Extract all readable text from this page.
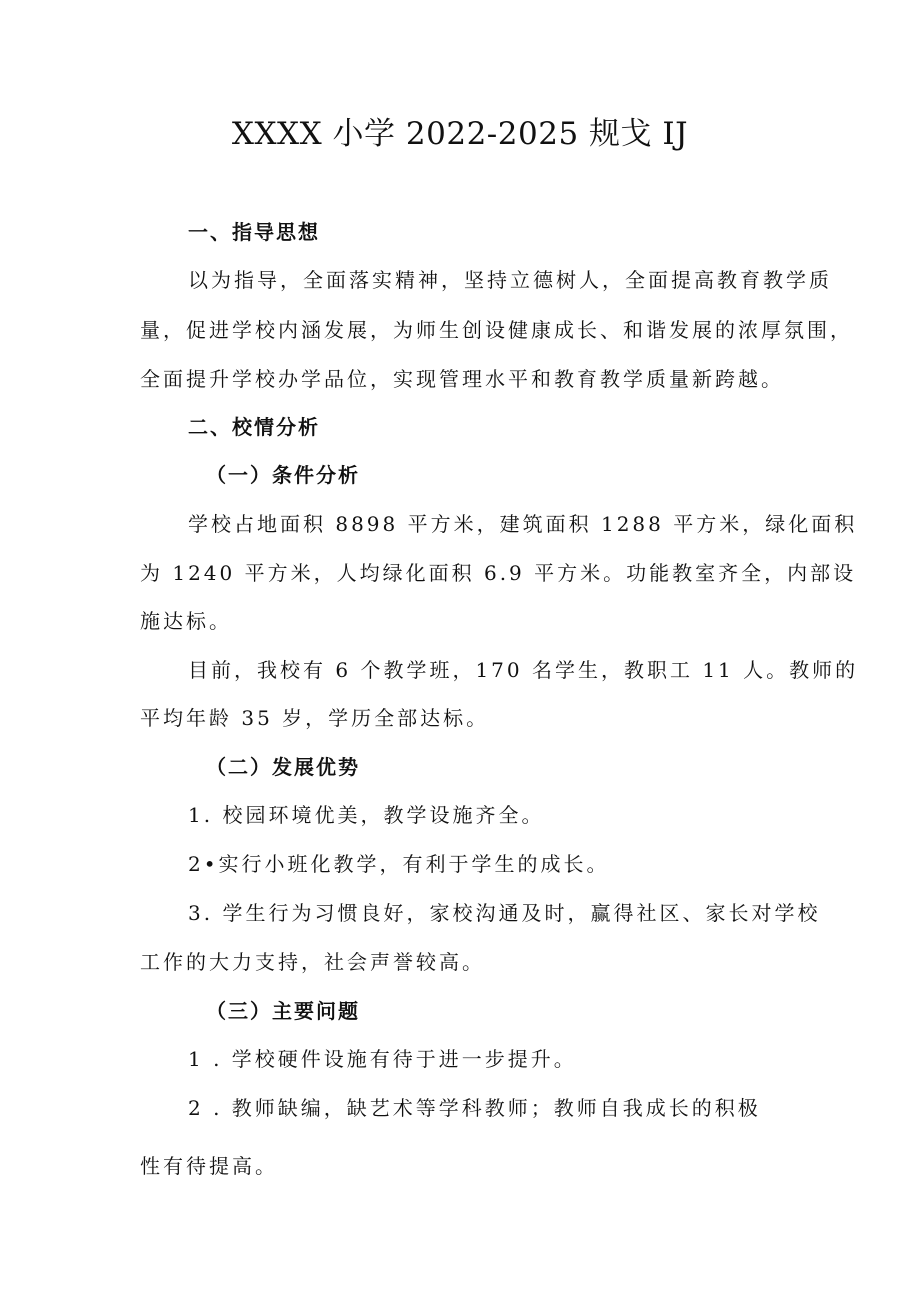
XXXX 小学 2022-2025 规戈 IJ
一、指导思想
以为指导，全面落实精神，坚持立德树人，全面提高教育教学质
量，促进学校内涵发展，为师生创设健康成长、和谐发展的浓厚氛围，
全面提升学校办学品位，实现管理水平和教育教学质量新跨越。
二、校情分析
（一）条件分析
学校占地面积 8898 平方米，建筑面积 1288 平方米，绿化面积
为 1240 平方米，人均绿化面积 6.9 平方米。功能教室齐全，内部设
施达标。
目前，我校有 6 个教学班，170 名学生，教职工 11 人。教师的
平均年龄 35 岁，学历全部达标。
（二）发展优势
1. 校园环境优美，教学设施齐全。
2•实行小班化教学，有利于学生的成长。
3. 学生行为习惯良好，家校沟通及时，赢得社区、家长对学校
工作的大力支持，社会声誉较高。
（三）主要问题
1 . 学校硬件设施有待于进一步提升。
2 . 教师缺编，缺艺术等学科教师；教师自我成长的积极
性有待提高。
